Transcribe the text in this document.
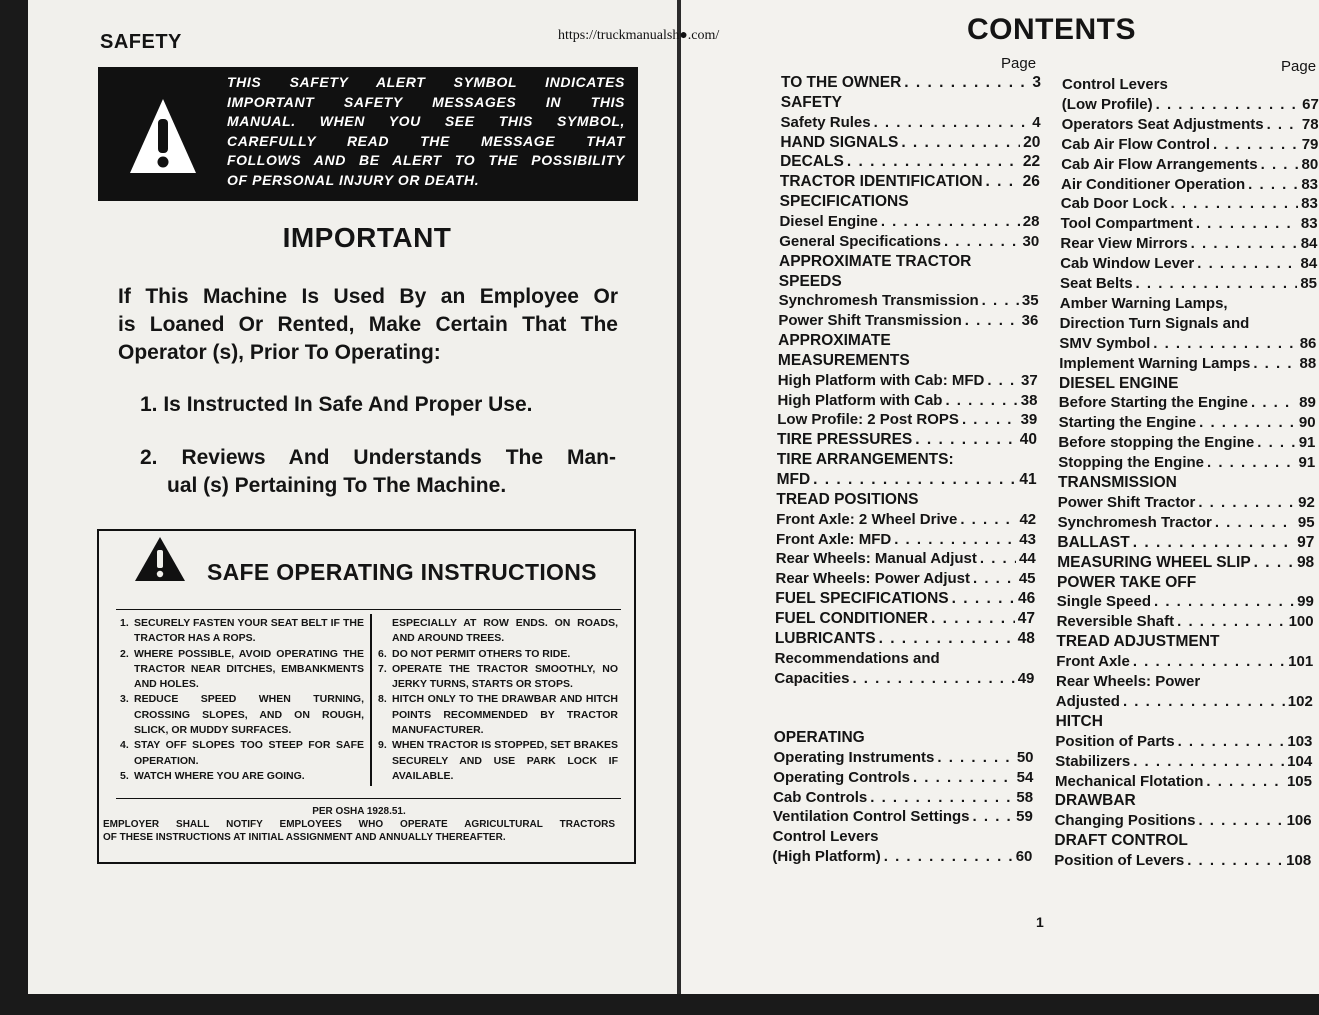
SAFETY	https://truckmanualsh●.com/
THIS SAFETY ALERT SYMBOL INDICATES
IMPORTANT SAFETY MESSAGES IN THIS
MANUAL. WHEN YOU SEE THIS SYMBOL,
CAREFULLY READ THE MESSAGE THAT
FOLLOWS AND BE ALERT TO THE POSSIBILITY
OF PERSONAL INJURY OR DEATH.
IMPORTANT
If This Machine Is Used By an Employee Or
is Loaned Or Rented, Make Certain That The
Operator (s), Prior To Operating:
1. Is Instructed In Safe And Proper Use.
2. Reviews And Understands The Man-
ual (s) Pertaining To The Machine.
SAFE OPERATING INSTRUCTIONS
1. SECURELY FASTEN YOUR SEAT BELT IF THE TRACTOR HAS A ROPS.
2. WHERE POSSIBLE, AVOID OPERATING THE TRACTOR NEAR DITCHES, EMBANKMENTS AND HOLES.
3. REDUCE SPEED WHEN TURNING, CROSSING SLOPES, AND ON ROUGH, SLICK, OR MUDDY SURFACES.
4. STAY OFF SLOPES TOO STEEP FOR SAFE OPERATION.
5. WATCH WHERE YOU ARE GOING.
ESPECIALLY AT ROW ENDS. ON ROADS, AND AROUND TREES.
6. DO NOT PERMIT OTHERS TO RIDE.
7. OPERATE THE TRACTOR SMOOTHLY, NO JERKY TURNS, STARTS OR STOPS.
8. HITCH ONLY TO THE DRAWBAR AND HITCH POINTS RECOMMENDED BY TRACTOR MANUFACTURER.
9. WHEN TRACTOR IS STOPPED, SET BRAKES SECURELY AND USE PARK LOCK IF AVAILABLE.
PER OSHA 1928.51.
EMPLOYER SHALL NOTIFY EMPLOYEES WHO OPERATE AGRICULTURAL TRACTORS
OF THESE INSTRUCTIONS AT INITIAL ASSIGNMENT AND ANNUALLY THEREAFTER.
CONTENTS
Page	Page
TO THE OWNER . . .	3
SAFETY
Safety Rules . . .	4
HAND SIGNALS . . .	20
DECALS . . .	22
TRACTOR IDENTIFICATION . . .	26
SPECIFICATIONS
Diesel Engine . . .	28
General Specifications . . .	30
APPROXIMATE TRACTOR
SPEEDS
Synchromesh Transmission . . .	35
Power Shift Transmission . . .	36
APPROXIMATE
MEASUREMENTS
High Platform with Cab: MFD . . . 37
High Platform with Cab . . .	38
Low Profile: 2 Post ROPS . . .	39
TIRE PRESSURES . . .	40
TIRE ARRANGEMENTS:
MFD . . .	41
TREAD POSITIONS
Front Axle: 2 Wheel Drive . . .	42
Front Axle: MFD . . .	43
Rear Wheels: Manual Adjust . . .	44
Rear Wheels: Power Adjust . . .	45
FUEL SPECIFICATIONS . . .	46
FUEL CONDITIONER . . .	47
LUBRICANTS . . .	48
Recommendations and
Capacities . . .	49
OPERATING
Operating Instruments . . .	50
Operating Controls . . .	54
Cab Controls . . .	58
Ventilation Control Settings . . .	59
Control Levers
(High Platform) . . .	60
Control Levers
(Low Profile) . . .	67
Operators Seat Adjustments . . .	78
Cab Air Flow Control . . .	79
Cab Air Flow Arrangements . . .	80
Air Conditioner Operation . . .	83
Cab Door Lock . . .	83
Tool Compartment . . .	83
Rear View Mirrors . . .	84
Cab Window Lever . . .	84
Seat Belts . . .	85
Amber Warning Lamps,
Direction Turn Signals and
SMV Symbol . . .	86
Implement Warning Lamps . . .	88
DIESEL ENGINE
Before Starting the Engine . . .	89
Starting the Engine . . .	90
Before stopping the Engine . . .	91
Stopping the Engine . . .	91
TRANSMISSION
Power Shift Tractor . . .	92
Synchromesh Tractor . . .	95
BALLAST . . .	97
MEASURING WHEEL SLIP . . .	98
POWER TAKE OFF
Single Speed . . .	99
Reversible Shaft . . .	100
TREAD ADJUSTMENT
Front Axle . . .	101
Rear Wheels: Power
Adjusted . . .	102
HITCH
Position of Parts . . .	103
Stabilizers . . .	104
Mechanical Flotation . . .	105
DRAWBAR
Changing Positions . . .	106
DRAFT CONTROL
Position of Levers . . .	108
1
